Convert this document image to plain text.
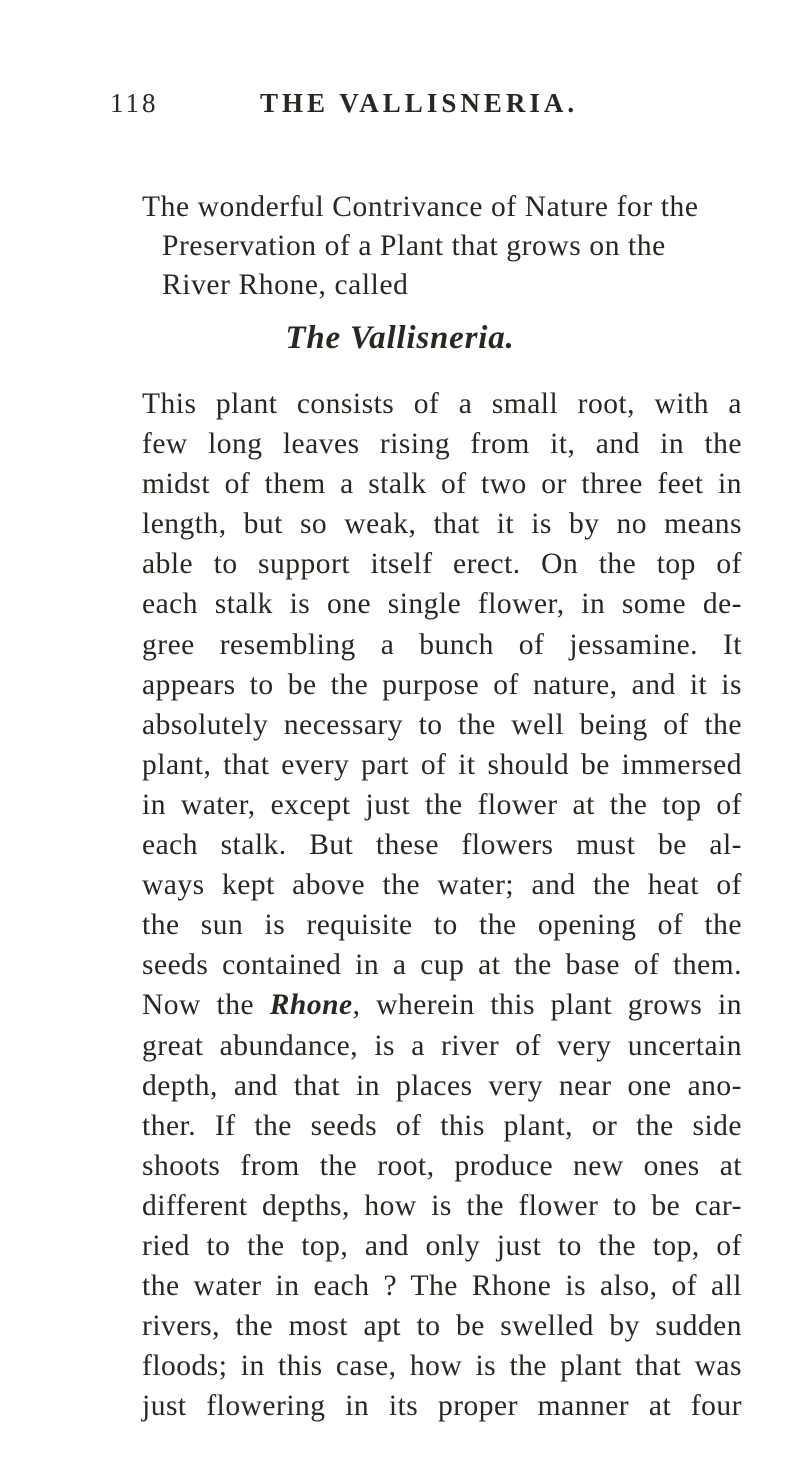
118	THE VALLISNERIA.

The wonderful Contrivance of Nature for the
Preservation of a Plant that grows on the
River Rhone, called

The Vallisneria.

This plant consists of a small root, with a
few long leaves rising from it, and in the
midst of them a stalk of two or three feet in
length, but so weak, that it is by no means
able to support itself erect. On the top of
each stalk is one single flower, in some de-
gree resembling a bunch of jessamine. It
appears to be the purpose of nature, and it is
absolutely necessary to the well being of the
plant, that every part of it should be immersed
in water, except just the flower at the top of
each stalk. But these flowers must be al-
ways kept above the water; and the heat of
the sun is requisite to the opening of the
seeds contained in a cup at the base of them.
Now the Rhone, wherein this plant grows in
great abundance, is a river of very uncertain
depth, and that in places very near one ano-
ther. If the seeds of this plant, or the side
shoots from the root, produce new ones at
different depths, how is the flower to be car-
ried to the top, and only just to the top, of
the water in each ? The Rhone is also, of all
rivers, the most apt to be swelled by sudden
floods; in this case, how is the plant that was
just flowering in its proper manner at four
